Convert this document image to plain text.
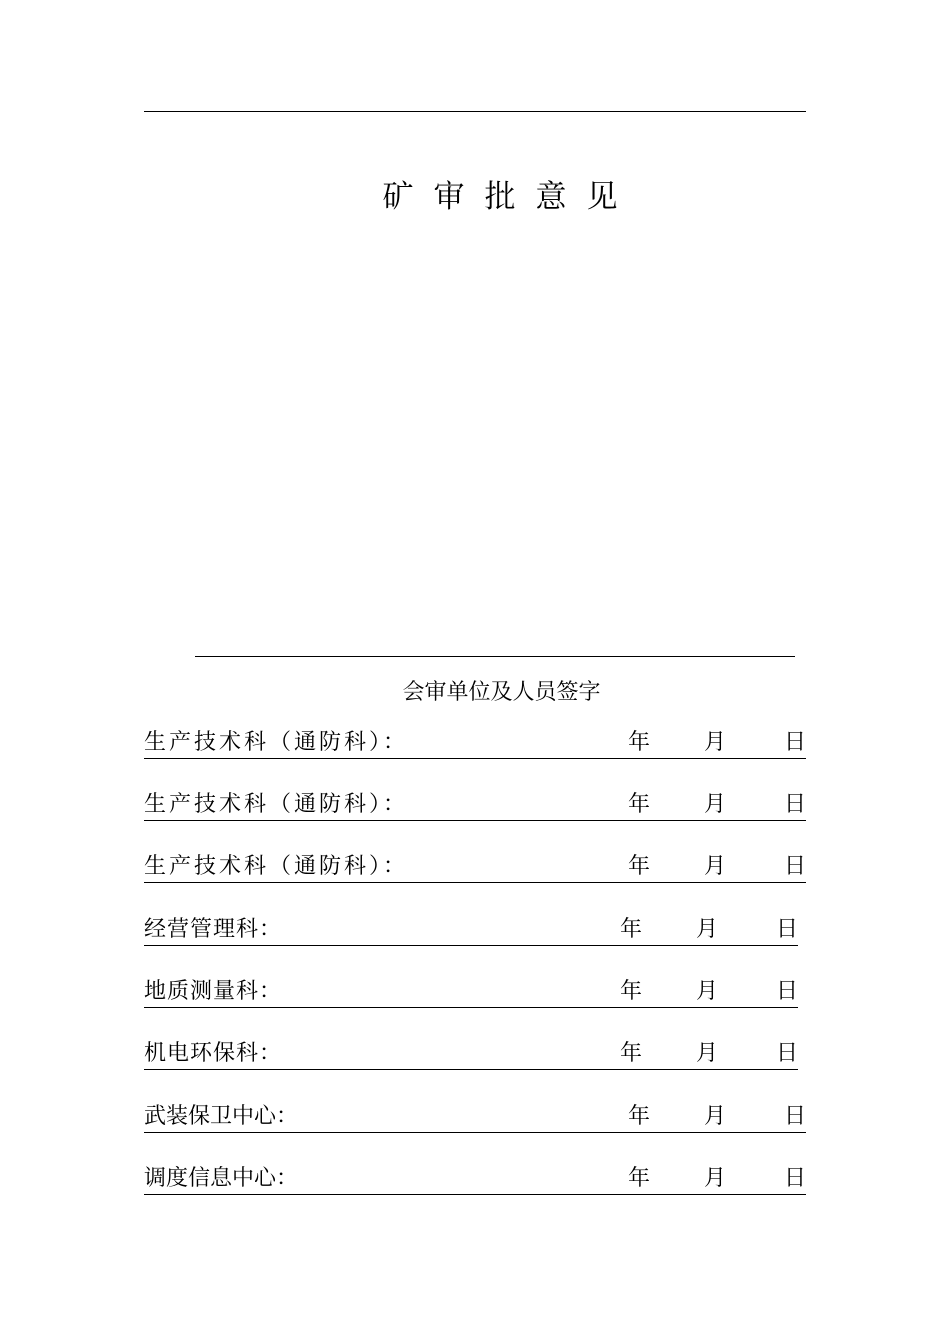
矿审批意见
会审单位及人员签字
生产技术科（通防科）：	年 月	日
生产技术科（通防科）：	年 月	日
生产技术科（通防科）：	年 月	日
经营管理科：	年 月	日
地质测量科：	年 月	日
机电环保科：	年 月	日
武装保卫中心：	年 月	日
调度信息中心：	年 月	日
